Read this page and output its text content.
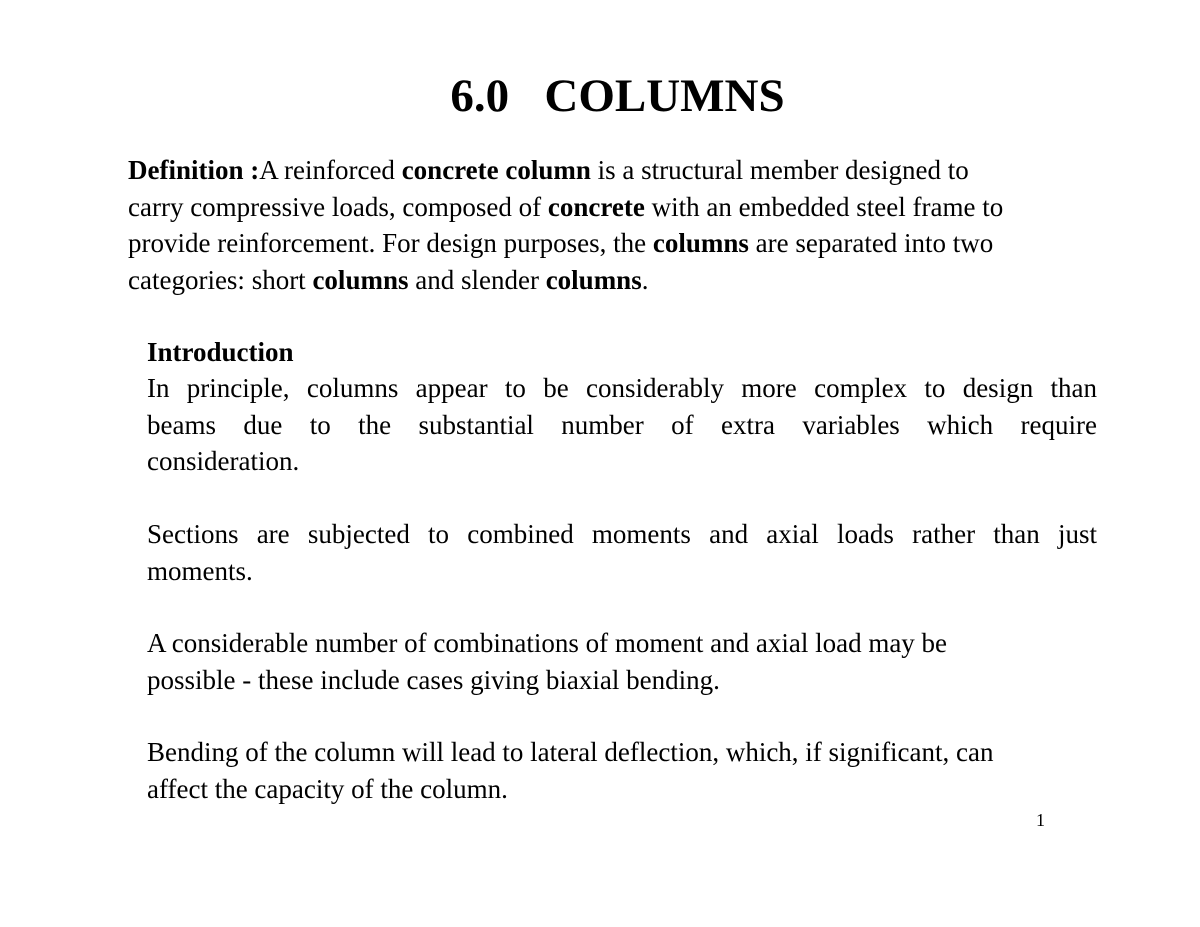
6.0   COLUMNS
Definition :A reinforced concrete column is a structural member designed to
carry compressive loads, composed of concrete with an embedded steel frame to
provide reinforcement. For design purposes, the columns are separated into two
categories: short columns and slender columns.
Introduction
In principle, columns appear to be considerably more complex to design than
beams due to the substantial number of extra variables which require
consideration.
Sections are subjected to combined moments and axial loads rather than just
moments.
A considerable number of combinations of moment and axial load may be
possible - these include cases giving biaxial bending.
Bending of the column will lead to lateral deflection, which, if significant, can
affect the capacity of the column.
1
